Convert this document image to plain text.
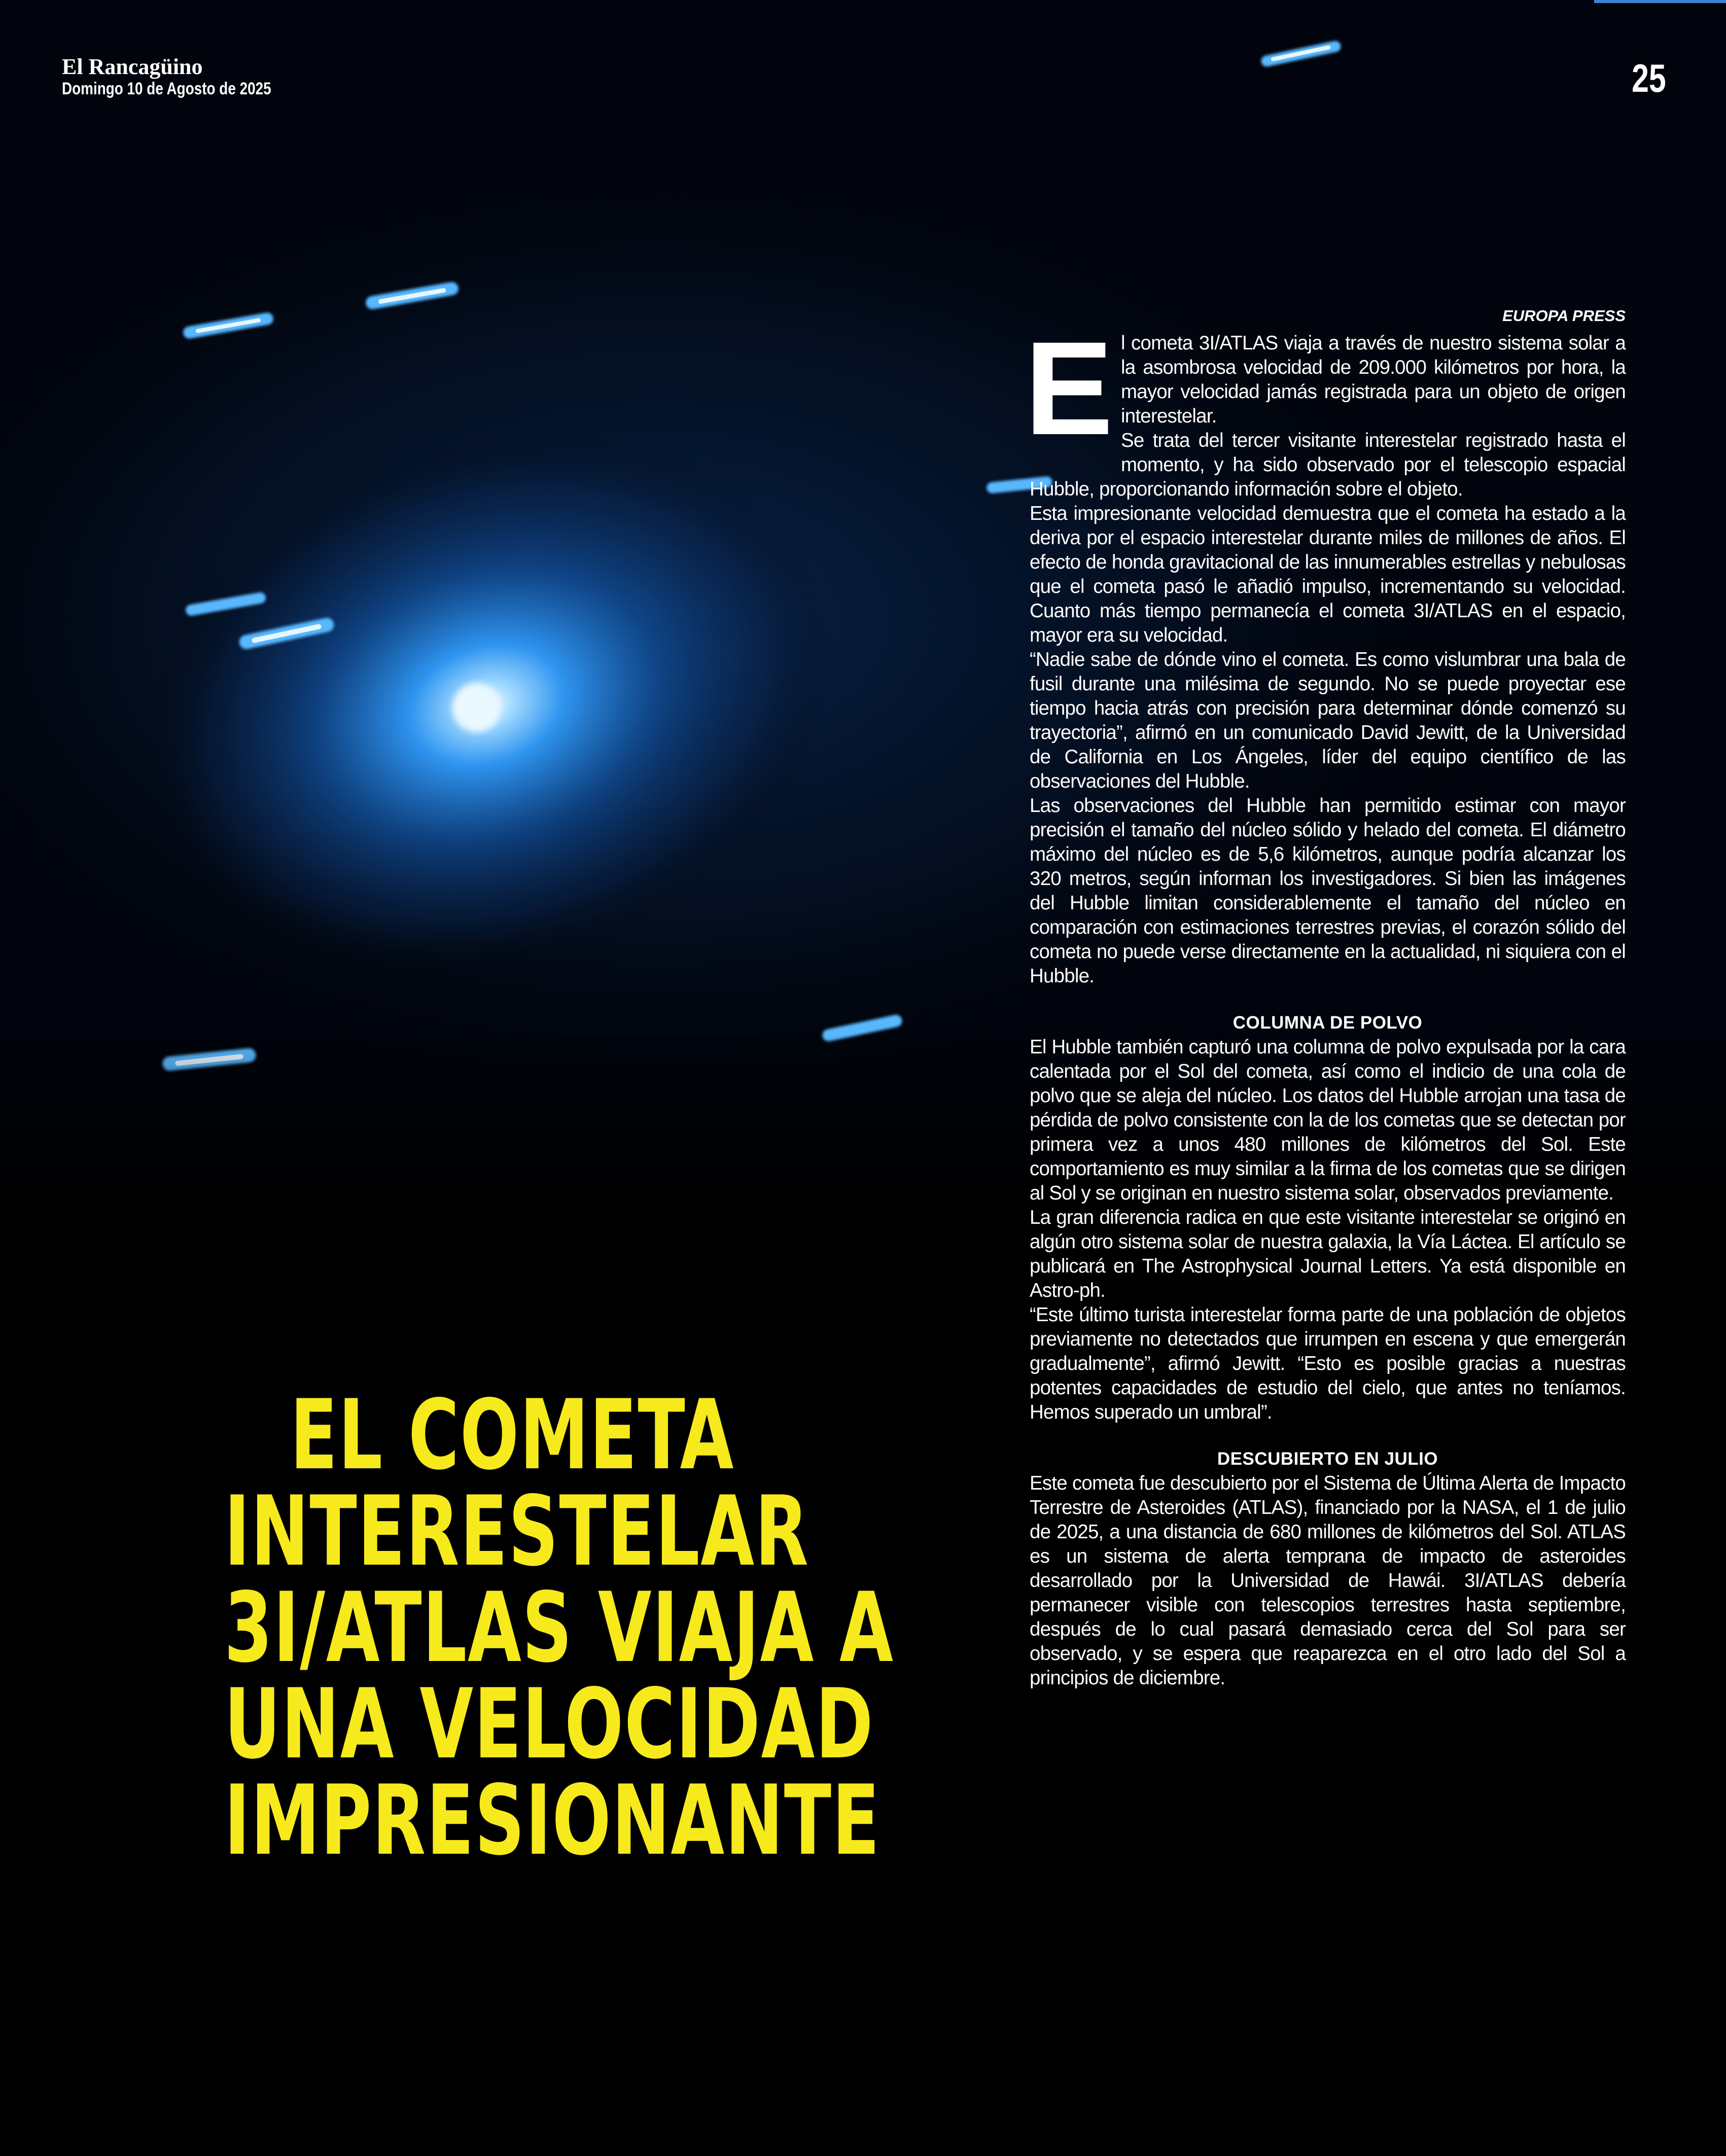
El Rancagüino
Domingo 10 de Agosto de 2025	25
EL COMETA
INTERESTELAR
3I/ATLAS VIAJA A
UNA VELOCIDAD
IMPRESIONANTE
EUROPA PRESS

El cometa 3I/ATLAS viaja a través de nuestro sistema solar a la asombrosa velocidad de 209.000 kilómetros por hora, la mayor velocidad jamás registrada para un objeto de origen interestelar.

Se trata del tercer visitante interestelar registrado hasta el momento, y ha sido observado por el telescopio espacial Hubble, proporcionando información sobre el objeto.

Esta impresionante velocidad demuestra que el cometa ha estado a la deriva por el espacio interestelar durante miles de millones de años. El efecto de honda gravitacional de las innumerables estrellas y nebulosas que el cometa pasó le añadió impulso, incrementando su velocidad. Cuanto más tiempo permanecía el cometa 3I/ATLAS en el espacio, mayor era su velocidad.

“Nadie sabe de dónde vino el cometa. Es como vislumbrar una bala de fusil durante una milésima de segundo. No se puede proyectar ese tiempo hacia atrás con precisión para determinar dónde comenzó su trayectoria”, afirmó en un comunicado David Jewitt, de la Universidad de California en Los Ángeles, líder del equipo científico de las observaciones del Hubble.

Las observaciones del Hubble han permitido estimar con mayor precisión el tamaño del núcleo sólido y helado del cometa. El diámetro máximo del núcleo es de 5,6 kilómetros, aunque podría alcanzar los 320 metros, según informan los investigadores. Si bien las imágenes del Hubble limitan considerablemente el tamaño del núcleo en comparación con estimaciones terrestres previas, el corazón sólido del cometa no puede verse directamente en la actualidad, ni siquiera con el Hubble.

COLUMNA DE POLVO

El Hubble también capturó una columna de polvo expulsada por la cara calentada por el Sol del cometa, así como el indicio de una cola de polvo que se aleja del núcleo. Los datos del Hubble arrojan una tasa de pérdida de polvo consistente con la de los cometas que se detectan por primera vez a unos 480 millones de kilómetros del Sol. Este comportamiento es muy similar a la firma de los cometas que se dirigen al Sol y se originan en nuestro sistema solar, observados previamente.

La gran diferencia radica en que este visitante interestelar se originó en algún otro sistema solar de nuestra galaxia, la Vía Láctea. El artículo se publicará en The Astrophysical Journal Letters. Ya está disponible en Astro-ph.

“Este último turista interestelar forma parte de una población de objetos previamente no detectados que irrumpen en escena y que emergerán gradualmente”, afirmó Jewitt. “Esto es posible gracias a nuestras potentes capacidades de estudio del cielo, que antes no teníamos. Hemos superado un umbral”.

DESCUBIERTO EN JULIO

Este cometa fue descubierto por el Sistema de Última Alerta de Impacto Terrestre de Asteroides (ATLAS), financiado por la NASA, el 1 de julio de 2025, a una distancia de 680 millones de kilómetros del Sol. ATLAS es un sistema de alerta temprana de impacto de asteroides desarrollado por la Universidad de Hawái. 3I/ATLAS debería permanecer visible con telescopios terrestres hasta septiembre, después de lo cual pasará demasiado cerca del Sol para ser observado, y se espera que reaparezca en el otro lado del Sol a principios de diciembre.
